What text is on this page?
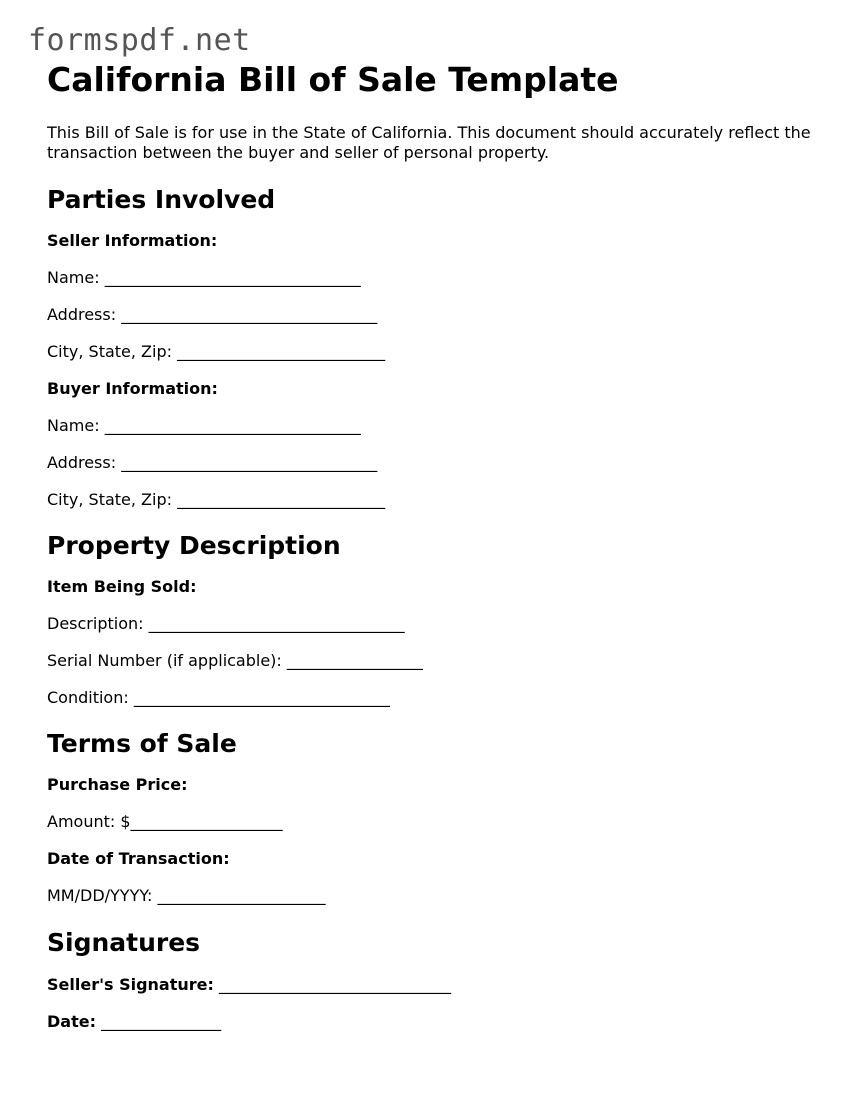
formspdf.net
California Bill of Sale Template

This Bill of Sale is for use in the State of California. This document should accurately reflect the transaction between the buyer and seller of personal property.

Parties Involved
Seller Information:
Name: ________________________________
Address: ________________________________
City, State, Zip: __________________________
Buyer Information:
Name: ________________________________
Address: ________________________________
City, State, Zip: __________________________
Property Description
Item Being Sold:
Description: ________________________________
Serial Number (if applicable): _________________
Condition: ________________________________
Terms of Sale
Purchase Price:
Amount: $___________________
Date of Transaction:
MM/DD/YYYY: _____________________
Signatures
Seller's Signature: _____________________________
Date: _______________
